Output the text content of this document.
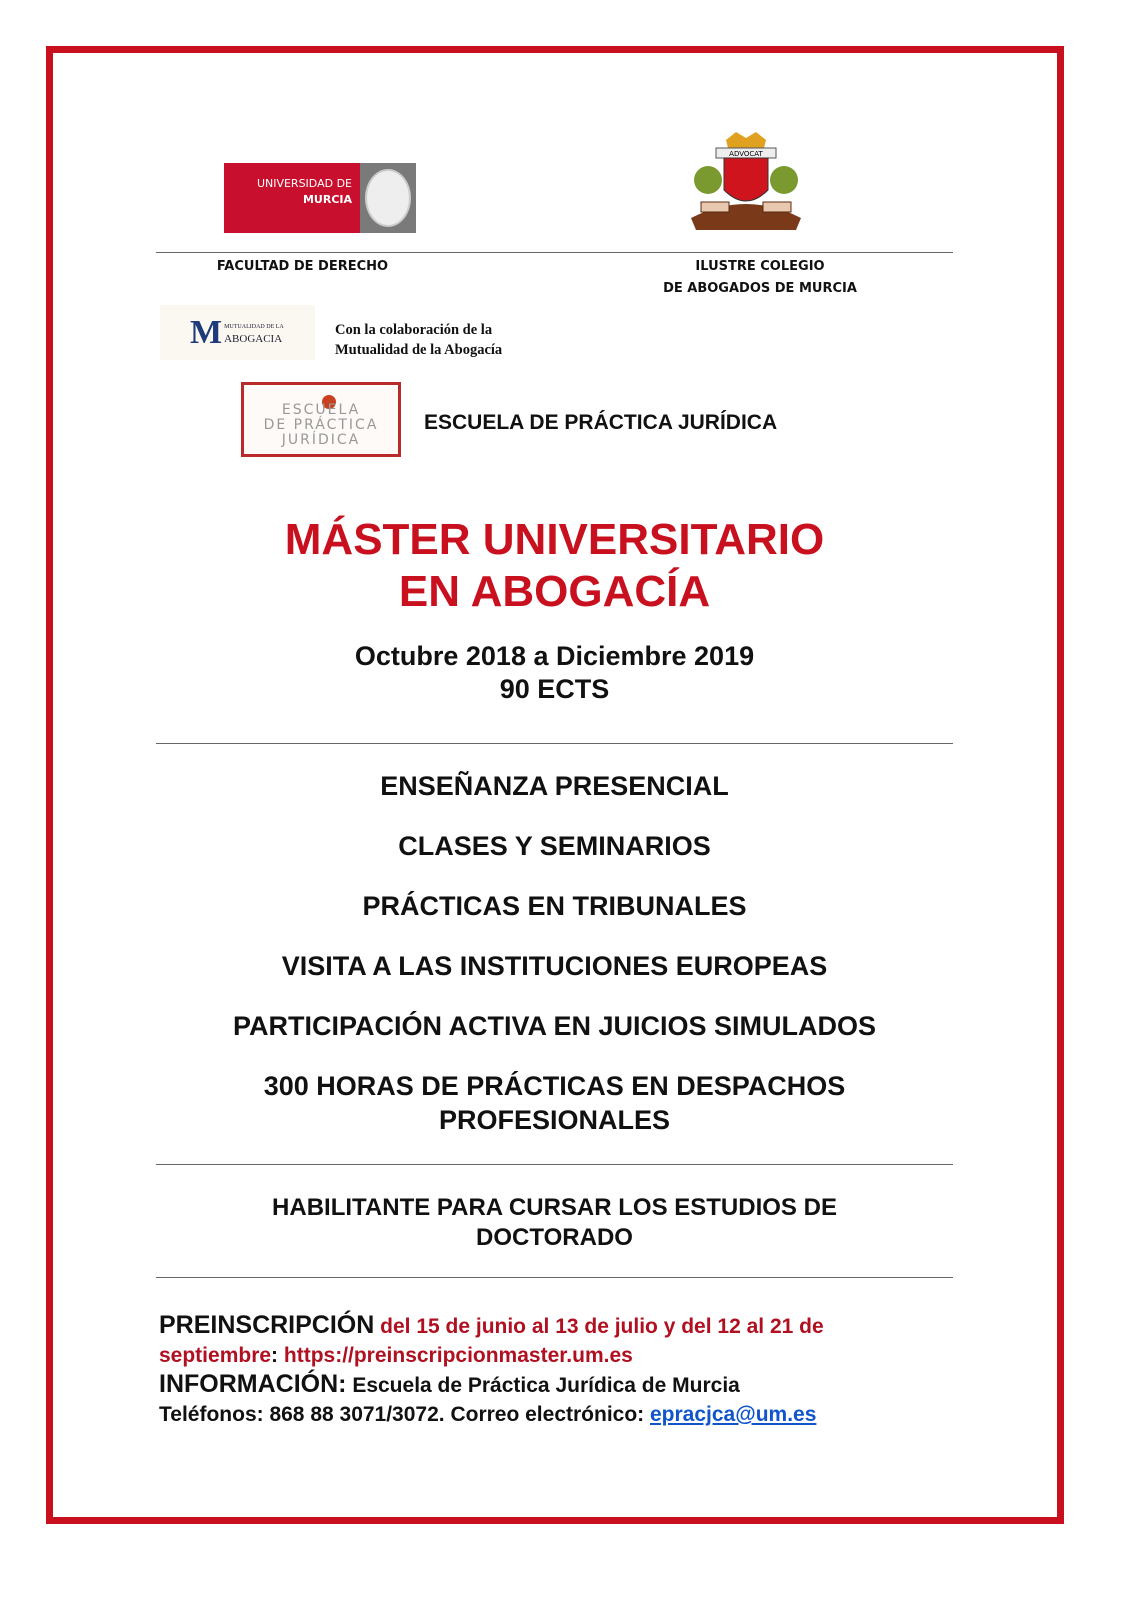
UNIVERSIDAD DE
MURCIA
ADVOCAT
FACULTAD DE DERECHO	ILUSTRE COLEGIO
DE ABOGADOS DE MURCIA
M MUTUALIDAD DE LA
ABOGACIA
Con la colaboración de la
Mutualidad de la Abogacía
ESCUELA
DE PRÁCTICA
JURÍDICA
ESCUELA DE PRÁCTICA JURÍDICA
MÁSTER UNIVERSITARIO
EN ABOGACÍA
Octubre 2018 a Diciembre 2019
90 ECTS
ENSEÑANZA PRESENCIAL
CLASES Y SEMINARIOS
PRÁCTICAS EN TRIBUNALES
VISITA A LAS INSTITUCIONES EUROPEAS
PARTICIPACIÓN ACTIVA EN JUICIOS SIMULADOS
300 HORAS DE PRÁCTICAS EN DESPACHOS
PROFESIONALES
HABILITANTE PARA CURSAR LOS ESTUDIOS DE
DOCTORADO
PREINSCRIPCIÓN del 15 de junio al 13 de julio y del 12 al 21 de
septiembre: https://preinscripcionmaster.um.es
INFORMACIÓN: Escuela de Práctica Jurídica de Murcia
Teléfonos: 868 88 3071/3072. Correo electrónico: epracjca@um.es
